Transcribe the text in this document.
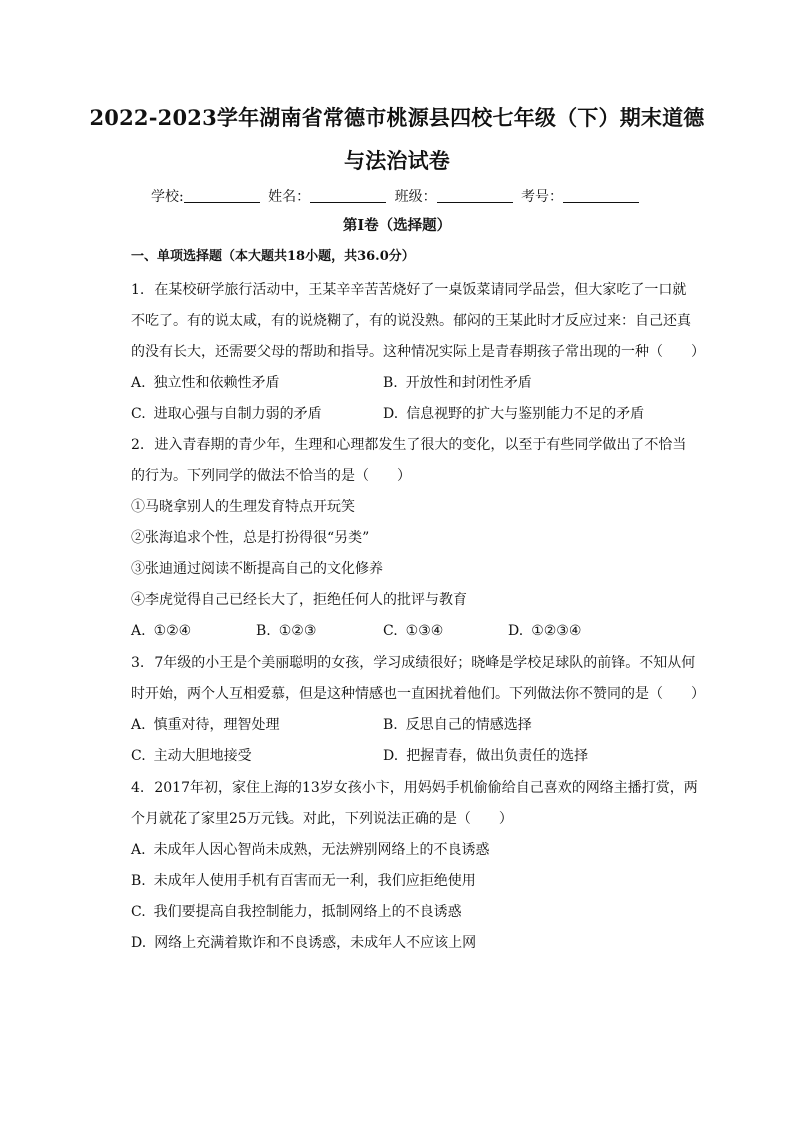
2022-2023学年湖南省常德市桃源县四校七年级（下）期末道德
与法治试卷
学校:	姓名：	班级：	考号：
第I卷（选择题）
一、单项选择题（本大题共18小题，共36.0分）
1. 在某校研学旅行活动中，王某辛辛苦苦烧好了一桌饭菜请同学品尝，但大家吃了一口就
不吃了。有的说太咸，有的说烧糊了，有的说没熟。郁闷的王某此时才反应过来：自己还真
的没有长大，还需要父母的帮助和指导。这种情况实际上是青春期孩子常出现的一种（　　）
A. 独立性和依赖性矛盾	B. 开放性和封闭性矛盾
C. 进取心强与自制力弱的矛盾	D. 信息视野的扩大与鉴别能力不足的矛盾
2. 进入青春期的青少年，生理和心理都发生了很大的变化，以至于有些同学做出了不恰当
的行为。下列同学的做法不恰当的是（　　）
①马晓拿别人的生理发育特点开玩笑
②张海追求个性，总是打扮得很“另类”
③张迪通过阅读不断提高自己的文化修养
④李虎觉得自己已经长大了，拒绝任何人的批评与教育
A. ①②④	B. ①②③	C. ①③④	D. ①②③④
3. 7年级的小王是个美丽聪明的女孩，学习成绩很好；晓峰是学校足球队的前锋。不知从何
时开始，两个人互相爱慕，但是这种情感也一直困扰着他们。下列做法你不赞同的是（　　）
A. 慎重对待，理智处理	B. 反思自己的情感选择
C. 主动大胆地接受	D. 把握青春，做出负责任的选择
4. 2017年初，家住上海的13岁女孩小卞，用妈妈手机偷偷给自己喜欢的网络主播打赏，两
个月就花了家里25万元钱。对此，下列说法正确的是（　　）
A. 未成年人因心智尚未成熟，无法辨别网络上的不良诱惑
B. 未成年人使用手机有百害而无一利，我们应拒绝使用
C. 我们要提高自我控制能力，抵制网络上的不良诱惑
D. 网络上充满着欺诈和不良诱惑，未成年人不应该上网
